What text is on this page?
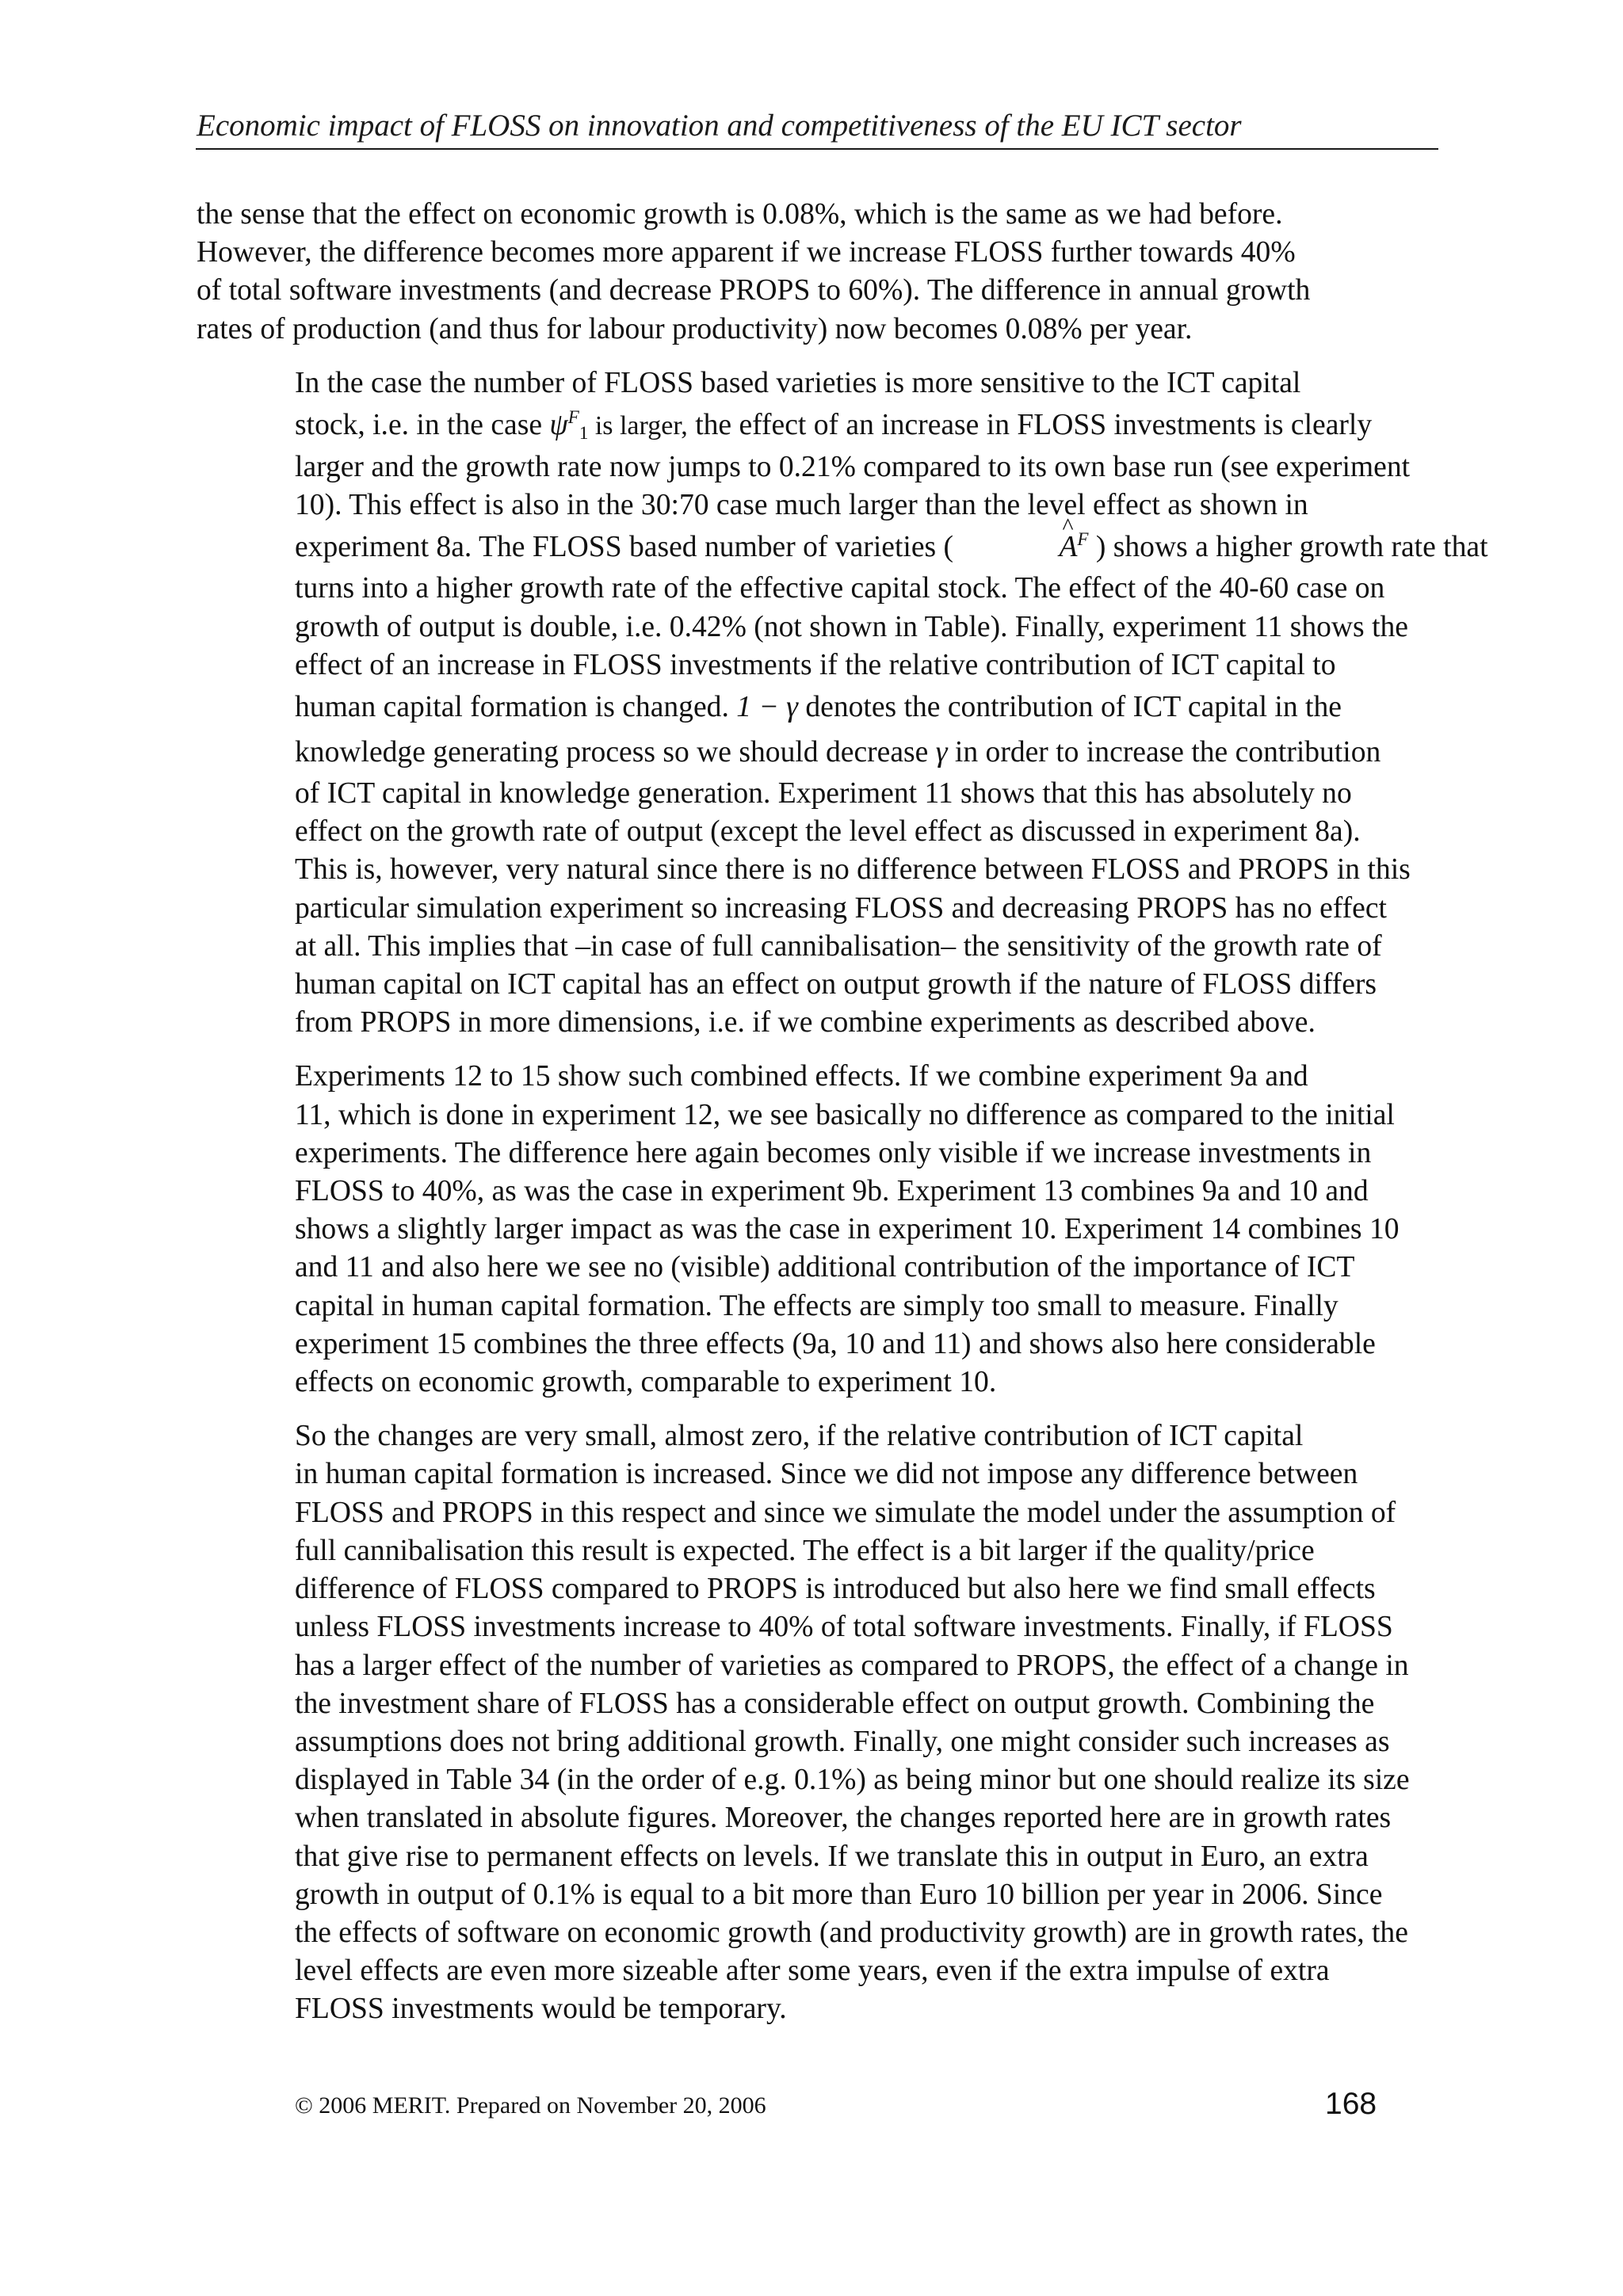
Economic impact of FLOSS on innovation and competitiveness of the EU ICT sector

the sense that the effect on economic growth is 0.08%, which is the same as we had before.
However, the difference becomes more apparent if we increase FLOSS further towards 40%
of total software investments (and decrease PROPS to 60%). The difference in annual growth
rates of production (and thus for labour productivity) now becomes 0.08% per year.

In the case the number of FLOSS based varieties is more sensitive to the ICT capital
stock, i.e. in the case $\psi^F_1$ is larger, the effect of an increase in FLOSS investments is clearly
larger and the growth rate now jumps to 0.21% compared to its own base run (see experiment
10). This effect is also in the 30:70 case much larger than the level effect as shown in
experiment 8a. The FLOSS based number of varieties (	A ^$^F$ ) shows a higher growth rate that
turns into a higher growth rate of the effective capital stock. The effect of the 40-60 case on
growth of output is double, i.e. 0.42% (not shown in Table). Finally, experiment 11 shows the
effect of an increase in FLOSS investments if the relative contribution of ICT capital to
human capital formation is changed. 1 − γ denotes the contribution of ICT capital in the
knowledge generating process so we should decrease γ in order to increase the contribution
of ICT capital in knowledge generation. Experiment 11 shows that this has absolutely no
effect on the growth rate of output (except the level effect as discussed in experiment 8a).
This is, however, very natural since there is no difference between FLOSS and PROPS in this
particular simulation experiment so increasing FLOSS and decreasing PROPS has no effect
at all. This implies that –in case of full cannibalisation– the sensitivity of the growth rate of
human capital on ICT capital has an effect on output growth if the nature of FLOSS differs
from PROPS in more dimensions, i.e. if we combine experiments as described above.

Experiments 12 to 15 show such combined effects. If we combine experiment 9a and
11, which is done in experiment 12, we see basically no difference as compared to the initial
experiments. The difference here again becomes only visible if we increase investments in
FLOSS to 40%, as was the case in experiment 9b. Experiment 13 combines 9a and 10 and
shows a slightly larger impact as was the case in experiment 10. Experiment 14 combines 10
and 11 and also here we see no (visible) additional contribution of the importance of ICT
capital in human capital formation. The effects are simply too small to measure. Finally
experiment 15 combines the three effects (9a, 10 and 11) and shows also here considerable
effects on economic growth, comparable to experiment 10.

So the changes are very small, almost zero, if the relative contribution of ICT capital
in human capital formation is increased. Since we did not impose any difference between
FLOSS and PROPS in this respect and since we simulate the model under the assumption of
full cannibalisation this result is expected. The effect is a bit larger if the quality/price
difference of FLOSS compared to PROPS is introduced but also here we find small effects
unless FLOSS investments increase to 40% of total software investments. Finally, if FLOSS
has a larger effect of the number of varieties as compared to PROPS, the effect of a change in
the investment share of FLOSS has a considerable effect on output growth. Combining the
assumptions does not bring additional growth. Finally, one might consider such increases as
displayed in Table 34 (in the order of e.g. 0.1%) as being minor but one should realize its size
when translated in absolute figures. Moreover, the changes reported here are in growth rates
that give rise to permanent effects on levels. If we translate this in output in Euro, an extra
growth in output of 0.1% is equal to a bit more than Euro 10 billion per year in 2006. Since
the effects of software on economic growth (and productivity growth) are in growth rates, the
level effects are even more sizeable after some years, even if the extra impulse of extra
FLOSS investments would be temporary.

© 2006 MERIT. Prepared on November 20, 2006	168
